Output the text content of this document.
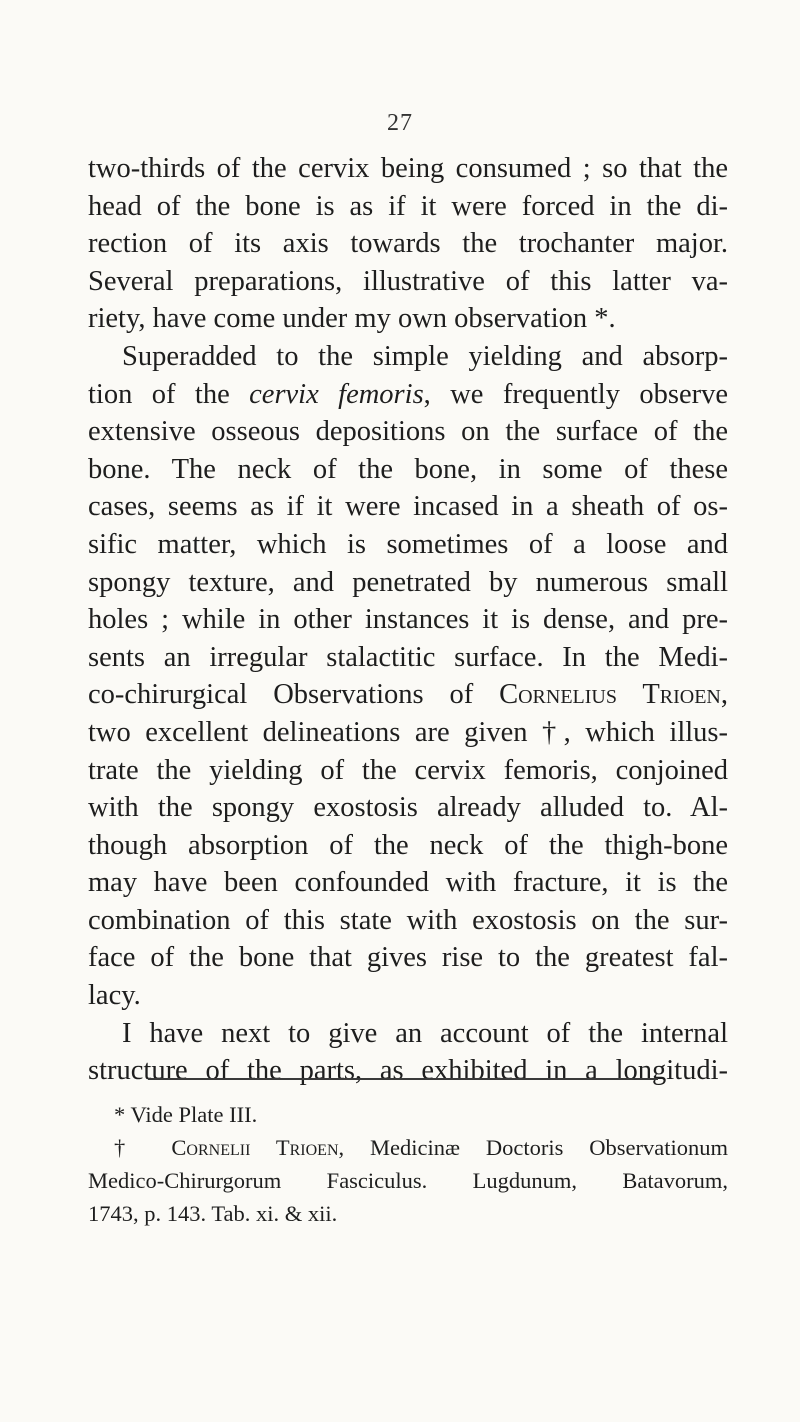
27
two-thirds of the cervix being consumed ; so that the
head of the bone is as if it were forced in the di-
rection of its axis towards the trochanter major.
Several preparations, illustrative of this latter va-
riety, have come under my own observation *.
Superadded to the simple yielding and absorp-
tion of the cervix femoris, we frequently observe
extensive osseous depositions on the surface of the
bone. The neck of the bone, in some of these
cases, seems as if it were incased in a sheath of os-
sific matter, which is sometimes of a loose and
spongy texture, and penetrated by numerous small
holes ; while in other instances it is dense, and pre-
sents an irregular stalactitic surface. In the Medi-
co-chirurgical Observations of Cornelius Trioen,
two excellent delineations are given †, which illus-
trate the yielding of the cervix femoris, conjoined
with the spongy exostosis already alluded to. Al-
though absorption of the neck of the thigh-bone
may have been confounded with fracture, it is the
combination of this state with exostosis on the sur-
face of the bone that gives rise to the greatest fal-
lacy.
I have next to give an account of the internal
structure of the parts, as exhibited in a longitudi-
* Vide Plate III.
† Cornelii Trioen, Medicinæ Doctoris Observationum
Medico-Chirurgorum Fasciculus. Lugdunum, Batavorum,
1743, p. 143. Tab. xi. & xii.
